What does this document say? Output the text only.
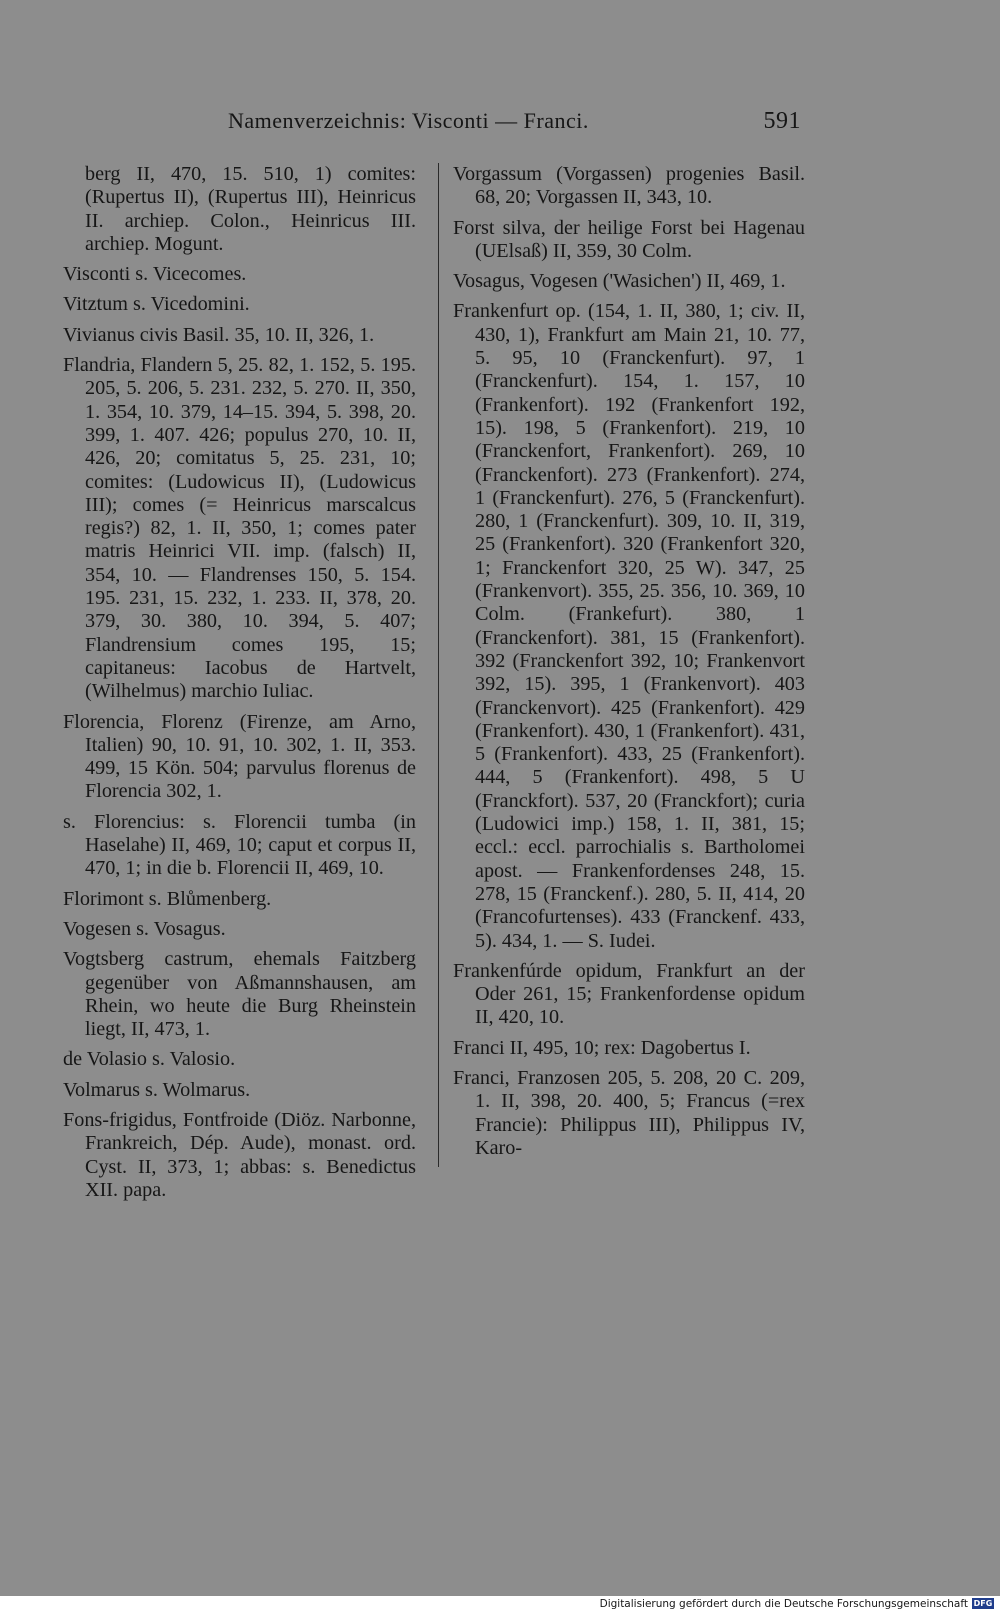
Namenverzeichnis: Visconti — Franci.	591

berg II, 470, 15. 510, 1) comites: (Rupertus II), (Rupertus III), Heinricus II. archiep. Colon., Heinricus III. archiep. Mogunt.

Visconti s. Vicecomes.

Vitztum s. Vicedomini.

Vivianus civis Basil. 35, 10. II, 326, 1.

Flandria, Flandern 5, 25. 82, 1. 152, 5. 195. 205, 5. 206, 5. 231. 232, 5. 270. II, 350, 1. 354, 10. 379, 14–15. 394, 5. 398, 20. 399, 1. 407. 426; populus 270, 10. II, 426, 20; comitatus 5, 25. 231, 10; comites: (Ludowicus II), (Ludowicus III); comes (= Heinricus marscalcus regis?) 82, 1. II, 350, 1; comes pater matris Heinrici VII. imp. (falsch) II, 354, 10. — Flandrenses 150, 5. 154. 195. 231, 15. 232, 1. 233. II, 378, 20. 379, 30. 380, 10. 394, 5. 407; Flandrensium comes 195, 15; capitaneus: Iacobus de Hartvelt, (Wilhelmus) marchio Iuliac.

Florencia, Florenz (Firenze, am Arno, Italien) 90, 10. 91, 10. 302, 1. II, 353. 499, 15 Kön. 504; parvulus florenus de Florencia 302, 1.

s. Florencius: s. Florencii tumba (in Haselahe) II, 469, 10; caput et corpus II, 470, 1; in die b. Florencii II, 469, 10.

Florimont s. Blůmenberg.

Vogesen s. Vosagus.

Vogtsberg castrum, ehemals Faitzberg gegenüber von Aßmannshausen, am Rhein, wo heute die Burg Rheinstein liegt, II, 473, 1.

de Volasio s. Valosio.

Volmarus s. Wolmarus.

Fons-frigidus, Fontfroide (Diöz. Narbonne, Frankreich, Dép. Aude), monast. ord. Cyst. II, 373, 1; abbas: s. Benedictus XII. papa.

Vorgassum (Vorgassen) progenies Basil. 68, 20; Vorgassen II, 343, 10.

Forst silva, der heilige Forst bei Hagenau (UElsaß) II, 359, 30 Colm.

Vosagus, Vogesen ('Wasichen') II, 469, 1.

Frankenfurt op. (154, 1. II, 380, 1; civ. II, 430, 1), Frankfurt am Main 21, 10. 77, 5. 95, 10 (Franckenfurt). 97, 1 (Franckenfurt). 154, 1. 157, 10 (Frankenfort). 192 (Frankenfort 192, 15). 198, 5 (Frankenfort). 219, 10 (Franckenfort, Frankenfort). 269, 10 (Franckenfort). 273 (Frankenfort). 274, 1 (Franckenfurt). 276, 5 (Franckenfurt). 280, 1 (Franckenfurt). 309, 10. II, 319, 25 (Frankenfort). 320 (Frankenfort 320, 1; Franckenfort 320, 25 W). 347, 25 (Frankenvort). 355, 25. 356, 10. 369, 10 Colm. (Frankefurt). 380, 1 (Franckenfort). 381, 15 (Frankenfort). 392 (Franckenfort 392, 10; Frankenvort 392, 15). 395, 1 (Frankenvort). 403 (Franckenvort). 425 (Frankenfort). 429 (Frankenfort). 430, 1 (Frankenfort). 431, 5 (Frankenfort). 433, 25 (Frankenfort). 444, 5 (Frankenfort). 498, 5 U (Franckfort). 537, 20 (Franckfort); curia (Ludowici imp.) 158, 1. II, 381, 15; eccl.: eccl. parrochialis s. Bartholomei apost. — Frankenfordenses 248, 15. 278, 15 (Franckenf.). 280, 5. II, 414, 20 (Francofurtenses). 433 (Franckenf. 433, 5). 434, 1. — S. Iudei.

Frankenfúrde opidum, Frankfurt an der Oder 261, 15; Frankenfordense opidum II, 420, 10.

Franci II, 495, 10; rex: Dagobertus I.

Franci, Franzosen 205, 5. 208, 20 C. 209, 1. II, 398, 20. 400, 5; Francus (=rex Francie): Philippus III), Philippus IV, Karo-

Digitalisierung gefördert durch die Deutsche Forschungsgemeinschaft DFG
